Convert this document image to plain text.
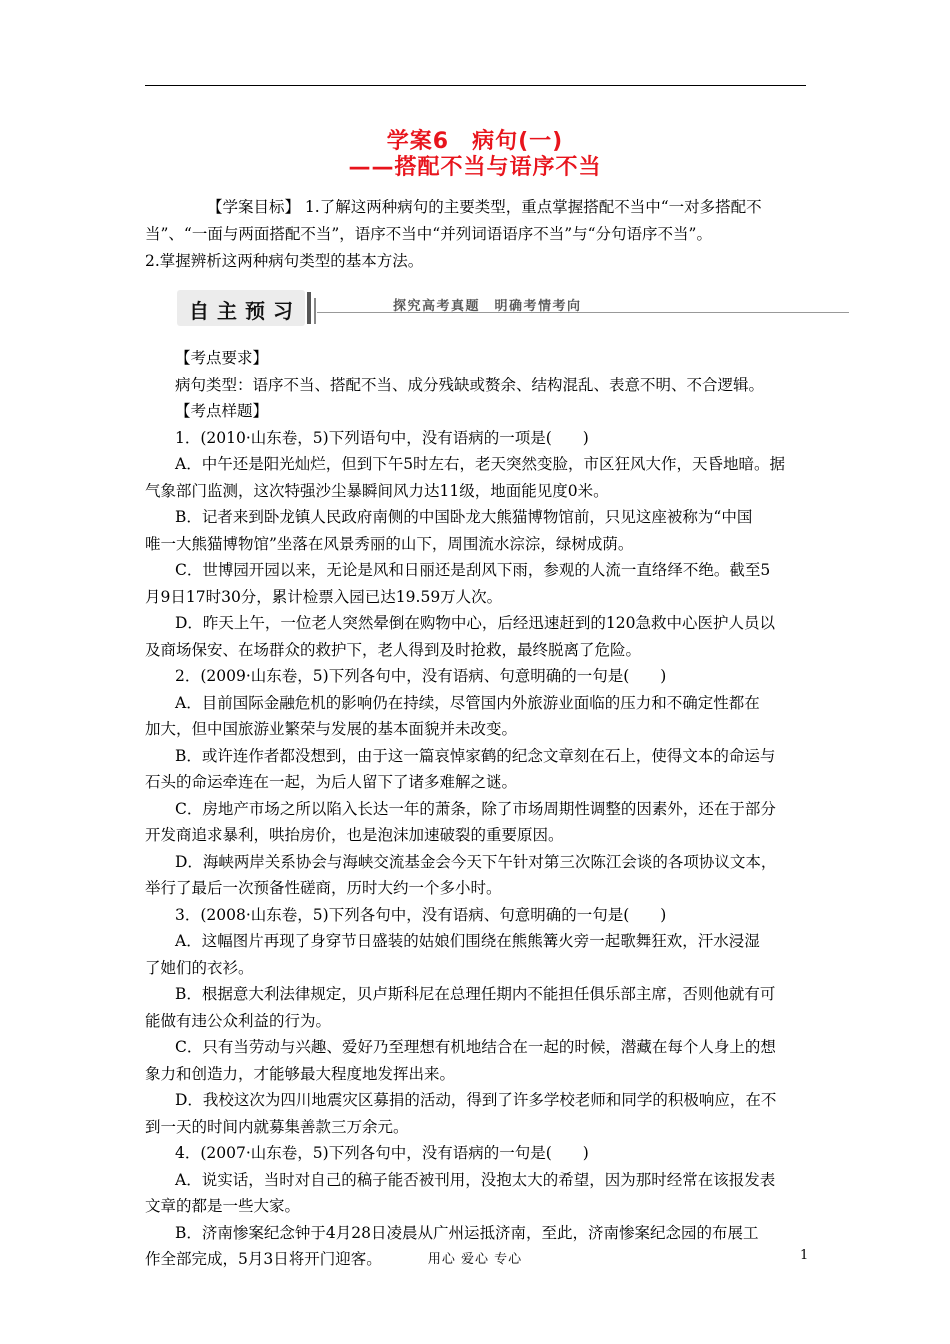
学案6　病句(一)
——搭配不当与语序不当
【学案目标】 1.了解这两种病句的主要类型，重点掌握搭配不当中“一对多搭配不
当”、“一面与两面搭配不当”，语序不当中“并列词语语序不当”与“分句语序不当”。
2.掌握辨析这两种病句类型的基本方法。
自主预习	探究高考真题　明确考情考向
【考点要求】
病句类型：语序不当、搭配不当、成分残缺或赘余、结构混乱、表意不明、不合逻辑。
【考点样题】
1．(2010·山东卷，5)下列语句中，没有语病的一项是(　　)
A．中午还是阳光灿烂，但到下午5时左右，老天突然变脸，市区狂风大作，天昏地暗。据
气象部门监测，这次特强沙尘暴瞬间风力达11级，地面能见度0米。
B．记者来到卧龙镇人民政府南侧的中国卧龙大熊猫博物馆前，只见这座被称为“中国
唯一大熊猫博物馆”坐落在风景秀丽的山下，周围流水淙淙，绿树成荫。
C．世博园开园以来，无论是风和日丽还是刮风下雨，参观的人流一直络绎不绝。截至5
月9日17时30分，累计检票入园已达19.59万人次。
D．昨天上午，一位老人突然晕倒在购物中心，后经迅速赶到的120急救中心医护人员以
及商场保安、在场群众的救护下，老人得到及时抢救，最终脱离了危险。
2．(2009·山东卷，5)下列各句中，没有语病、句意明确的一句是(　　)
A．目前国际金融危机的影响仍在持续，尽管国内外旅游业面临的压力和不确定性都在
加大，但中国旅游业繁荣与发展的基本面貌并未改变。
B．或许连作者都没想到，由于这一篇哀悼家鹤的纪念文章刻在石上，使得文本的命运与
石头的命运牵连在一起，为后人留下了诸多难解之谜。
C．房地产市场之所以陷入长达一年的萧条，除了市场周期性调整的因素外，还在于部分
开发商追求暴利，哄抬房价，也是泡沫加速破裂的重要原因。
D．海峡两岸关系协会与海峡交流基金会今天下午针对第三次陈江会谈的各项协议文本，
举行了最后一次预备性磋商，历时大约一个多小时。
3．(2008·山东卷，5)下列各句中，没有语病、句意明确的一句是(　　)
A．这幅图片再现了身穿节日盛装的姑娘们围绕在熊熊篝火旁一起歌舞狂欢，汗水浸湿
了她们的衣衫。
B．根据意大利法律规定，贝卢斯科尼在总理任期内不能担任俱乐部主席，否则他就有可
能做有违公众利益的行为。
C．只有当劳动与兴趣、爱好乃至理想有机地结合在一起的时候，潜藏在每个人身上的想
象力和创造力，才能够最大程度地发挥出来。
D．我校这次为四川地震灾区募捐的活动，得到了许多学校老师和同学的积极响应，在不
到一天的时间内就募集善款三万余元。
4．(2007·山东卷，5)下列各句中，没有语病的一句是(　　)
A．说实话，当时对自己的稿子能否被刊用，没抱太大的希望，因为那时经常在该报发表
文章的都是一些大家。
B．济南惨案纪念钟于4月28日凌晨从广州运抵济南，至此，济南惨案纪念园的布展工
作全部完成，5月3日将开门迎客。	用心 爱心 专心	1
